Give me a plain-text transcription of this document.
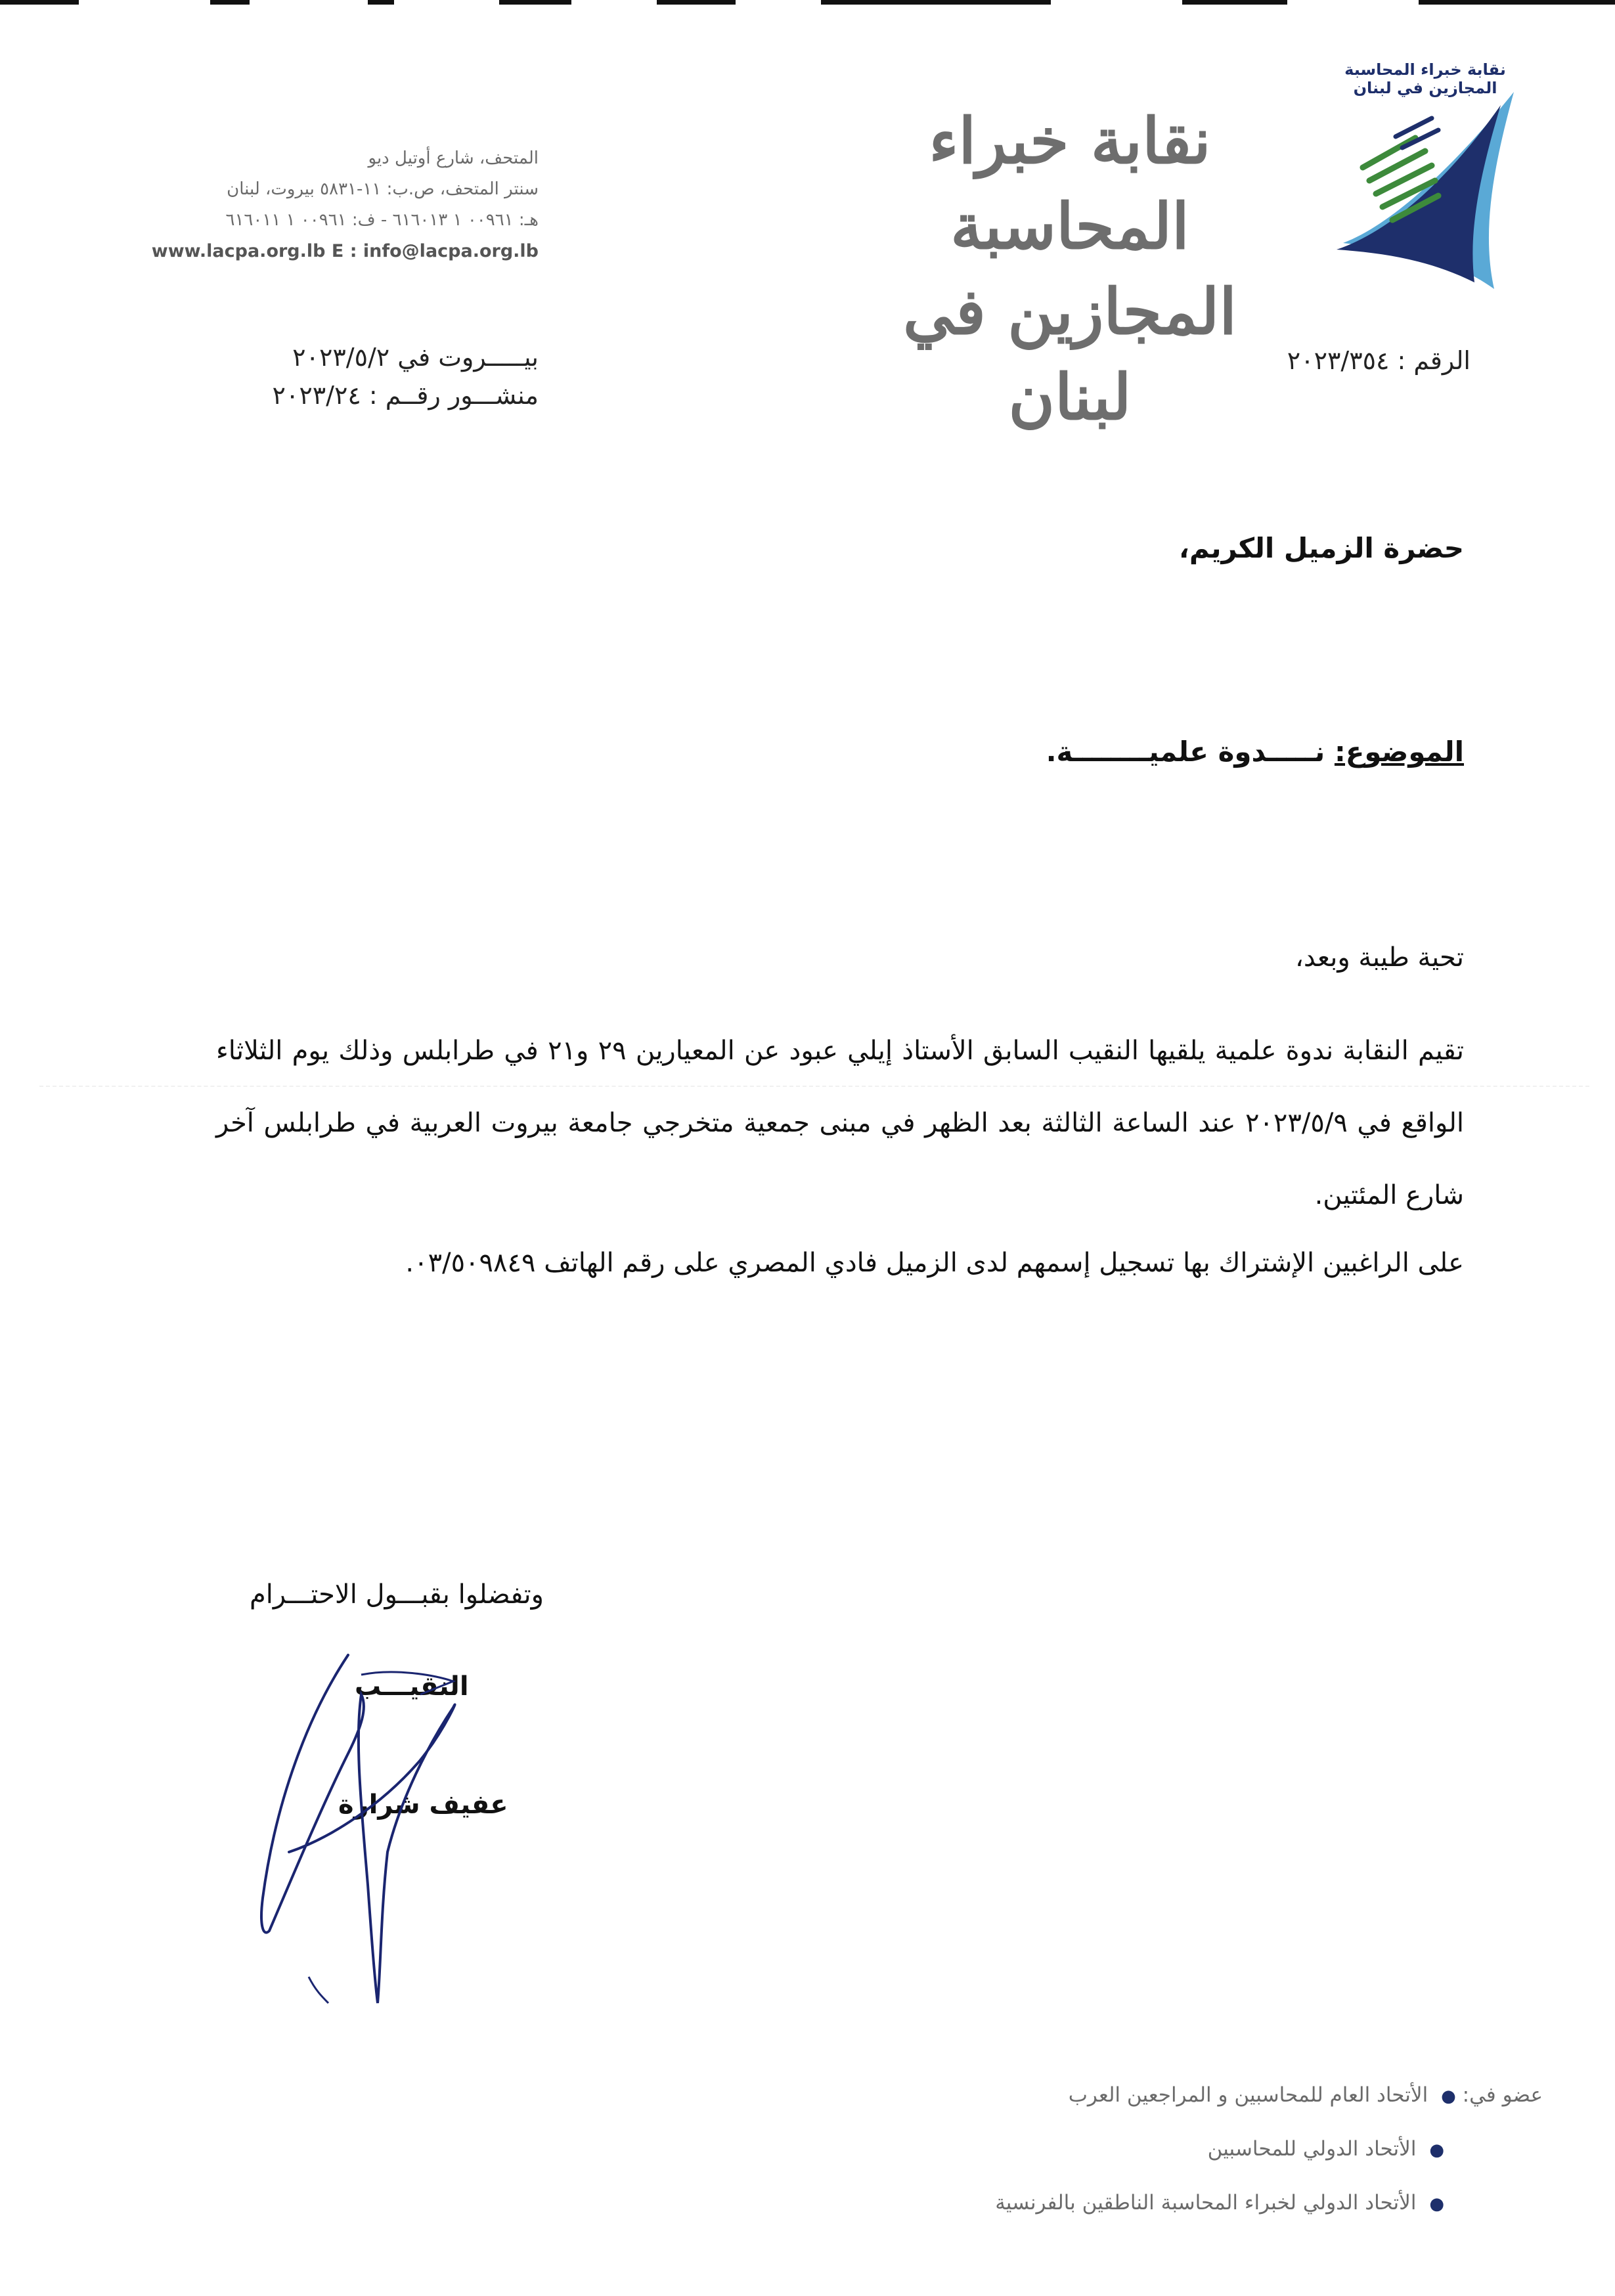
نقابة خبراء المحاسبة المجازين في لبنان
نقابة خبراء المحاسبة
المجازين في لبنان
المتحف، شارع أوتيل ديو
سنتر المتحف، ص.ب: ١١-٥٨٣١ بيروت، لبنان
هـ: ٠٠٩٦١ ١ ٦١٦٠١٣ - ف: ٠٠٩٦١ ١ ٦١٦٠١١
www.lacpa.org.lb E : info@lacpa.org.lb
الرقم : ٢٠٢٣/٣٥٤
بيـــــروت في ٢٠٢٣/٥/٢
منشـــور رقــم : ٢٠٢٣/٢٤
حضرة الزميل الكريم،
الموضوع: نـــــدوة علميــــــــة.
تحية طيبة وبعد،
تقيم النقابة ندوة علمية يلقيها النقيب السابق الأستاذ إيلي عبود عن المعيارين ٢٩ و٢١ في طرابلس وذلك يوم الثلاثاء الواقع في ٢٠٢٣/٥/٩ عند الساعة الثالثة بعد الظهر في مبنى جمعية متخرجي جامعة بيروت العربية في طرابلس آخر شارع المئتين.
على الراغبين الإشتراك بها تسجيل إسمهم لدى الزميل فادي المصري على رقم الهاتف ٠٣/٥٠٩٨٤٩.
وتفضلوا بقبـــول الاحتـــرام
النقيـــب
عفيف شرارة
عضو في: ● الأتحاد العام للمحاسبين و المراجعين العرب
● الأتحاد الدولي للمحاسبين
● الأتحاد الدولي لخبراء المحاسبة الناطقين بالفرنسية
